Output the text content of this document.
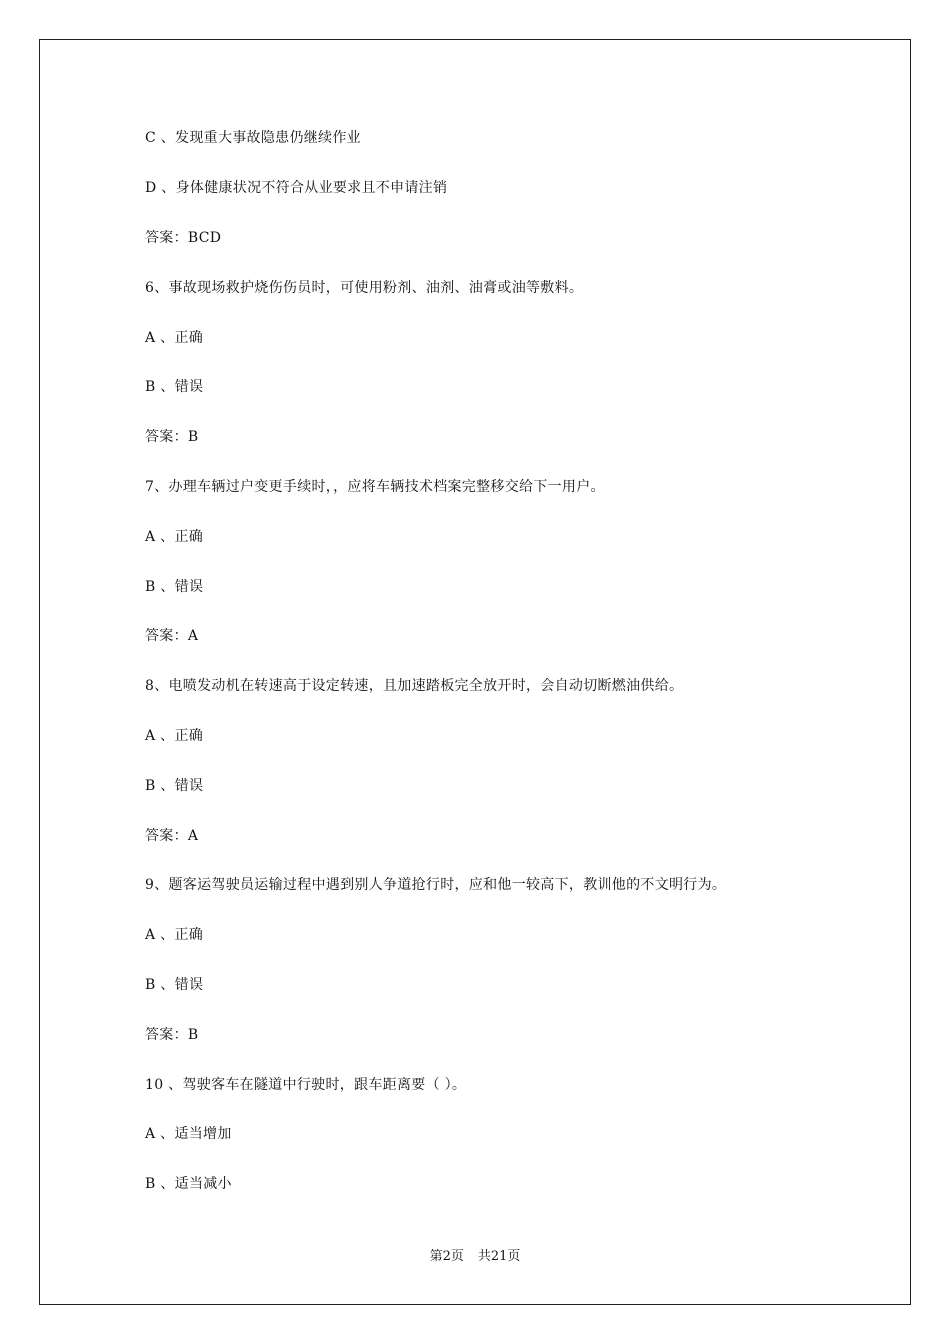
C 、发现重大事故隐患仍继续作业
D 、身体健康状况不符合从业要求且不申请注销
答案：BCD
6、事故现场救护烧伤伤员时，可使用粉剂、油剂、油膏或油等敷料。
A 、正确
B 、错误
答案：B
7、办理车辆过户变更手续时，，应将车辆技术档案完整移交给下一用户。
A 、正确
B 、错误
答案：A
8、电喷发动机在转速高于设定转速，且加速踏板完全放开时，会自动切断燃油供给。
A 、正确
B 、错误
答案：A
9、题客运驾驶员运输过程中遇到别人争道抢行时，应和他一较高下，教训他的不文明行为。
A 、正确
B 、错误
答案：B
10 、驾驶客车在隧道中行驶时，跟车距离要（ ）。
A 、适当增加
B 、适当减小
第2页 共21页
